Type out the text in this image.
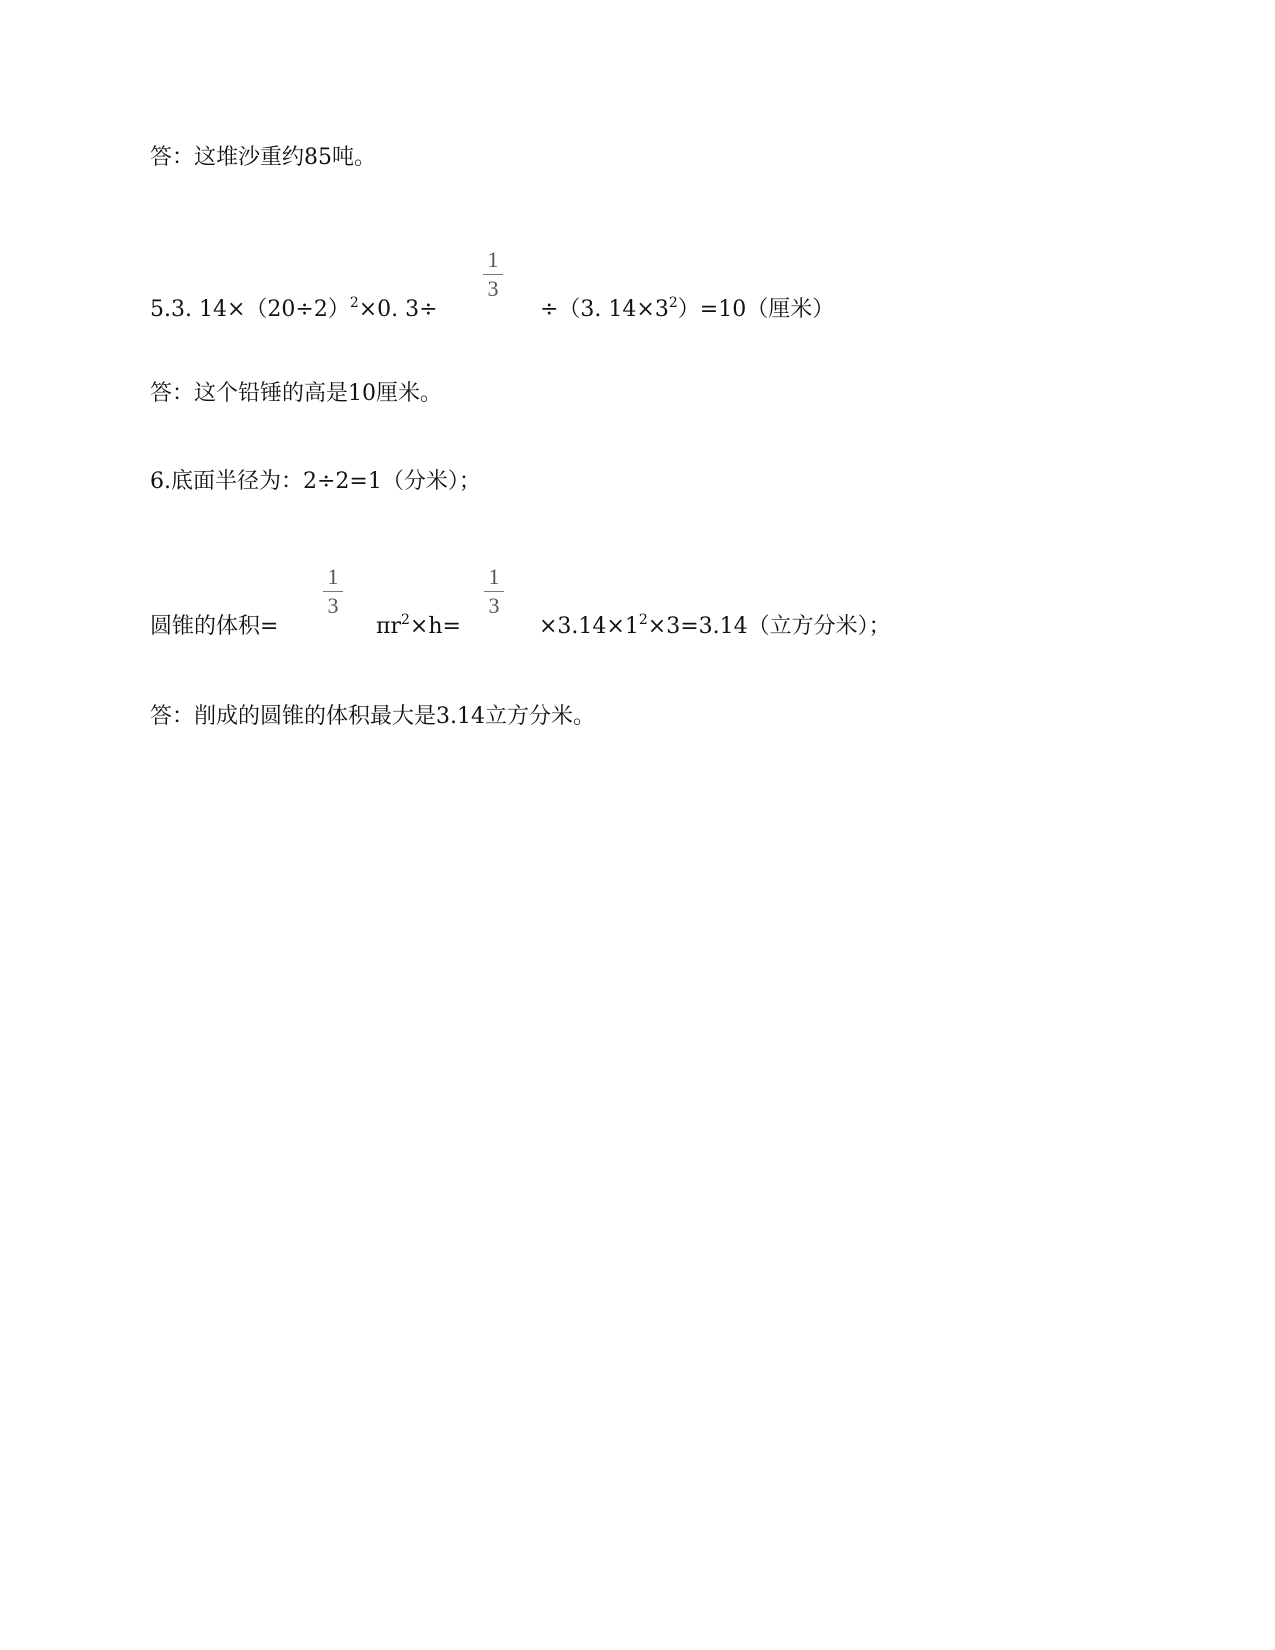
答：这堆沙重约85吨。
5.3. $14\times(20\div 2)^2\times 0$. 3÷
1
3
÷（3. $14\times 3^2)=10$（厘米）
答：这个铅锤的高是10厘米。
6.底面半径为：2÷2=1（分米）；
圆锥的体积=
1
3
$\pi r^2\times h=$
1
3
$\times 3.14\times 1^2\times 3=3.14$（立方分米）；
答：削成的圆锥的体积最大是3.14立方分米。
